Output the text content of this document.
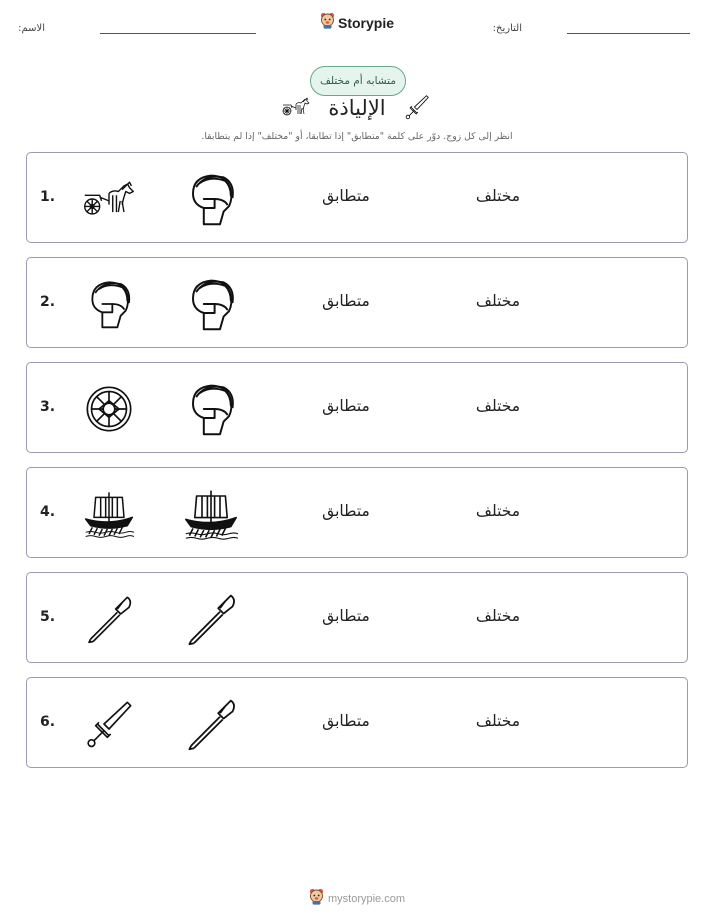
الاسم:	Storypie	التاريخ:
متشابه أم مختلف
الإلياذة
انظر إلى كل زوج. دوّر على كلمة "متطابق" إذا تطابقا، أو "مختلف" إذا لم يتطابقا.
1.	متطابق	مختلف
2.	متطابق	مختلف
3.	متطابق	مختلف
4.	متطابق	مختلف
5.	متطابق	مختلف
6.	متطابق	مختلف
mystorypie.com
